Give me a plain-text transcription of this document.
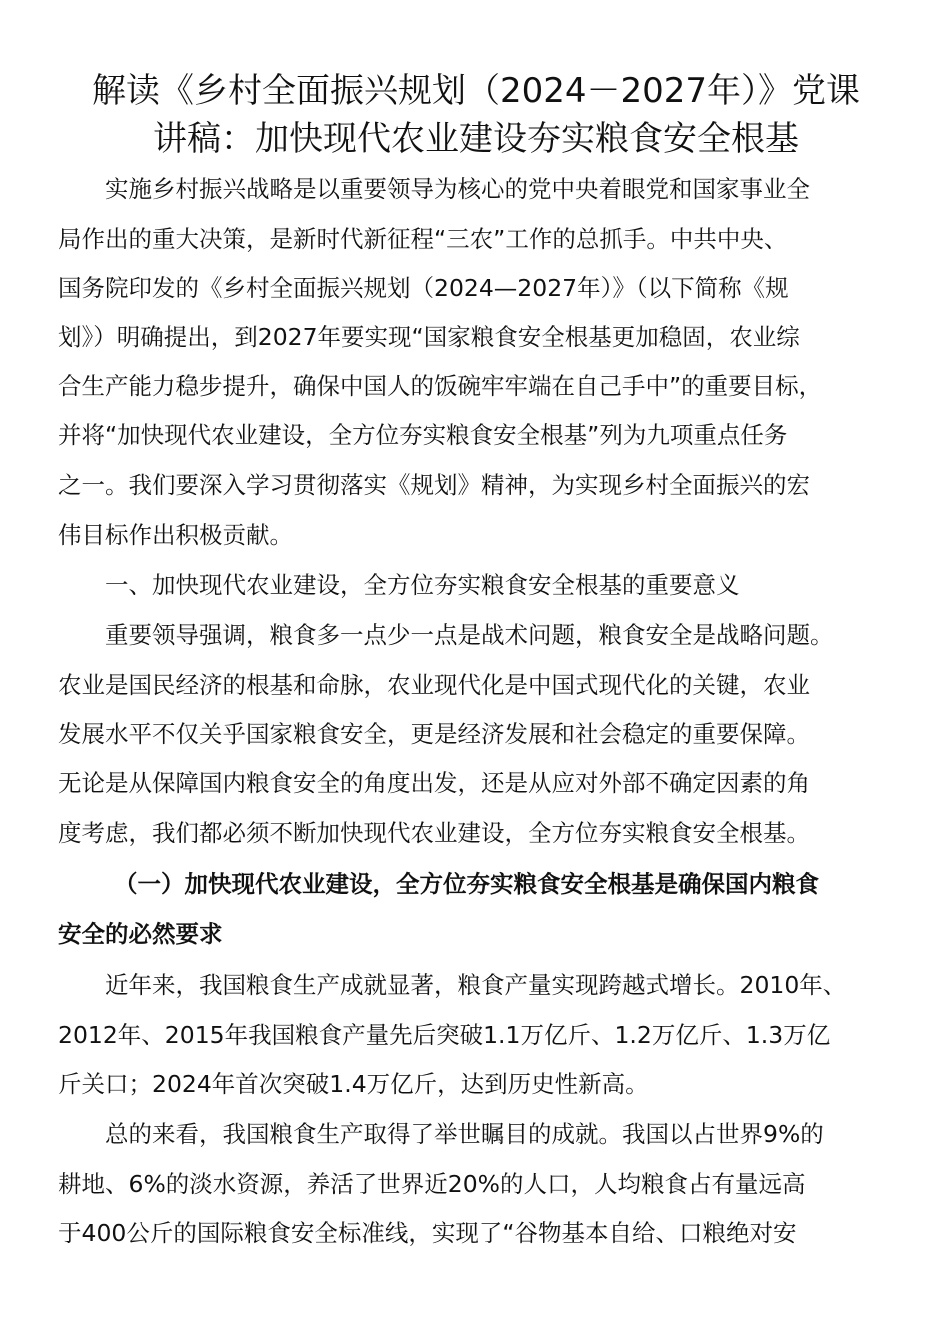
解读《乡村全面振兴规划（2024－2027年）》党课
讲稿：加快现代农业建设夯实粮食安全根基
实施乡村振兴战略是以重要领导为核心的党中央着眼党和国家事业全
局作出的重大决策，是新时代新征程“三农”工作的总抓手。中共中央、
国务院印发的《乡村全面振兴规划（2024—2027年）》（以下简称《规
划》）明确提出，到2027年要实现“国家粮食安全根基更加稳固，农业综
合生产能力稳步提升，确保中国人的饭碗牢牢端在自己手中”的重要目标，
并将“加快现代农业建设，全方位夯实粮食安全根基”列为九项重点任务
之一。我们要深入学习贯彻落实《规划》精神，为实现乡村全面振兴的宏
伟目标作出积极贡献。
一、加快现代农业建设，全方位夯实粮食安全根基的重要意义
重要领导强调，粮食多一点少一点是战术问题，粮食安全是战略问题。
农业是国民经济的根基和命脉，农业现代化是中国式现代化的关键，农业
发展水平不仅关乎国家粮食安全，更是经济发展和社会稳定的重要保障。
无论是从保障国内粮食安全的角度出发，还是从应对外部不确定因素的角
度考虑，我们都必须不断加快现代农业建设，全方位夯实粮食安全根基。
（一）加快现代农业建设，全方位夯实粮食安全根基是确保国内粮食
安全的必然要求
近年来，我国粮食生产成就显著，粮食产量实现跨越式增长。2010年、
2012年、2015年我国粮食产量先后突破1.1万亿斤、1.2万亿斤、1.3万亿
斤关口；2024年首次突破1.4万亿斤，达到历史性新高。
总的来看，我国粮食生产取得了举世瞩目的成就。我国以占世界9%的
耕地、6%的淡水资源，养活了世界近20%的人口，人均粮食占有量远高
于400公斤的国际粮食安全标准线，实现了“谷物基本自给、口粮绝对安
